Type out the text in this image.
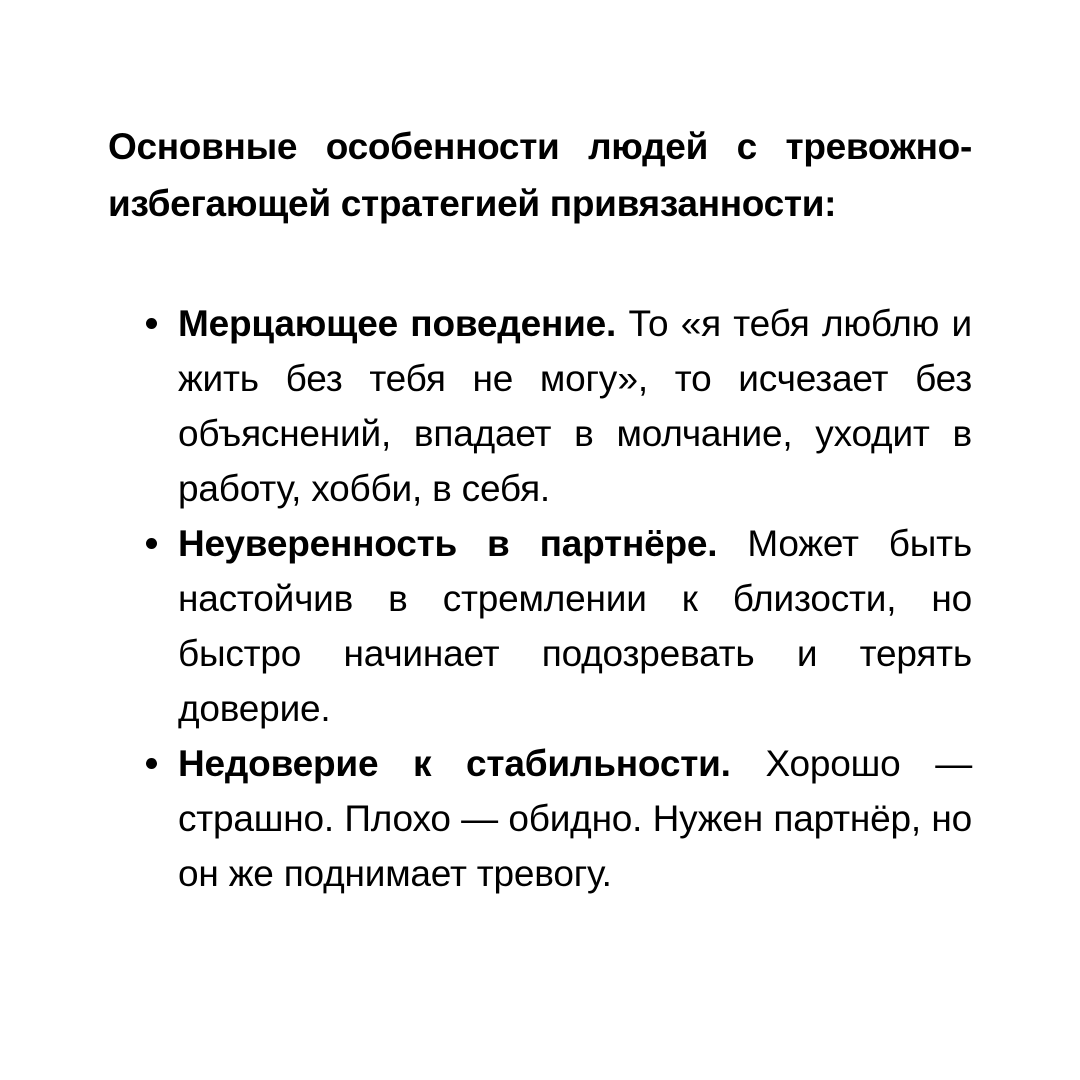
Основные особенности людей с тревожно-избегающей стратегией привязанности:
Мерцающее поведение. То «я тебя люблю и жить без тебя не могу», то исчезает без объяснений, впадает в молчание, уходит в работу, хобби, в себя.
Неуверенность в партнёре. Может быть настойчив в стремлении к близости, но быстро начинает подозревать и терять доверие.
Недоверие к стабильности. Хорошо — страшно. Плохо — обидно. Нужен партнёр, но он же поднимает тревогу.
